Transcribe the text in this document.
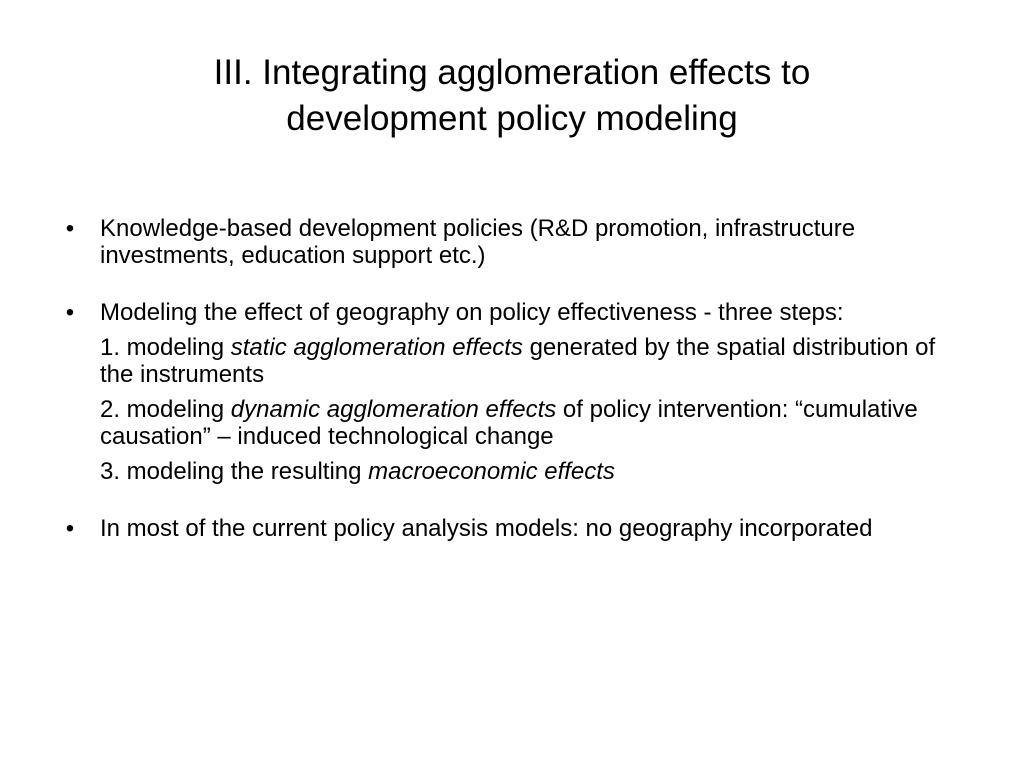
III. Integrating agglomeration effects to
development policy modeling
• Knowledge-based development policies (R&D promotion, infrastructure investments, education support etc.)
• Modeling the effect of geography on policy effectiveness - three steps:
1. modeling static agglomeration effects generated by the spatial distribution of the instruments
2. modeling dynamic agglomeration effects of policy intervention: “cumulative causation” – induced technological change
3. modeling the resulting macroeconomic effects
• In most of the current policy analysis models: no geography incorporated
